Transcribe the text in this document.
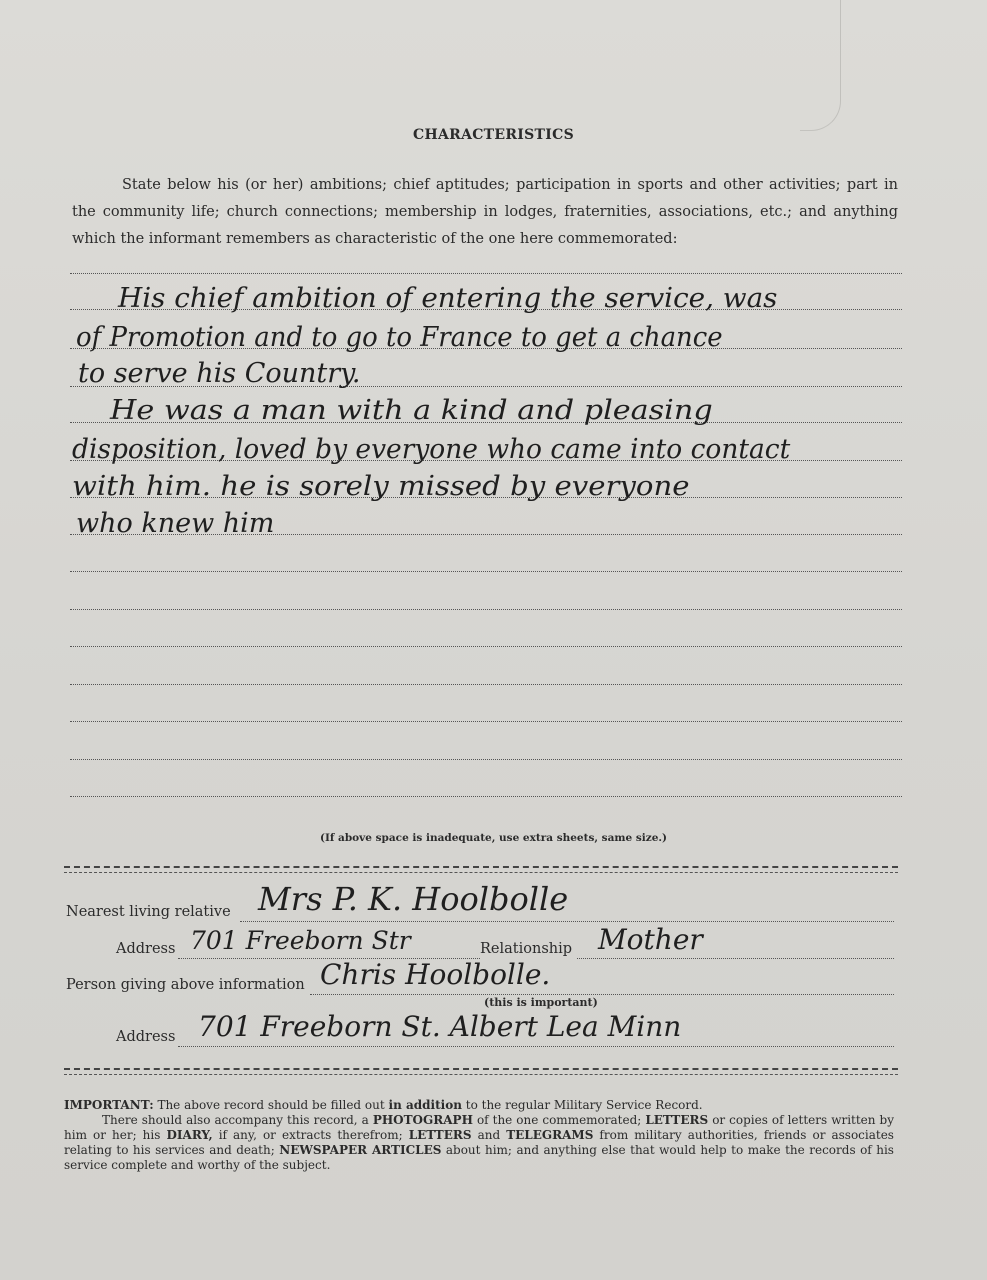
CHARACTERISTICS
State below his (or her) ambitions; chief aptitudes; participation in sports and other activities; part in the community life; church connections; membership in lodges, fraternities, associations, etc.; and anything which the informant remembers as characteristic of the one here commemorated:
His chief ambition of entering the service, was
of Promotion and to go to France to get a chance
to serve his Country.
He was a man with a kind and pleasing
disposition, loved by everyone who came into contact
with him. he is sorely missed by everyone
who knew him
(If above space is inadequate, use extra sheets, same size.)
Nearest living relative Mrs P. K. Hoolbolle
Address 701 Freeborn Str	Relationship Mother
Person giving above information Chris Hoolbolle.
(this is important)
Address 701 Freeborn St. Albert Lea Minn
IMPORTANT: The above record should be filled out in addition to the regular Military Service Record.
There should also accompany this record, a PHOTOGRAPH of the one commemorated; LETTERS or copies of letters written by him or her; his DIARY, if any, or extracts therefrom; LETTERS and TELEGRAMS from military authorities, friends or associates relating to his services and death; NEWSPAPER ARTICLES about him; and anything else that would help to make the records of his service complete and worthy of the subject.
